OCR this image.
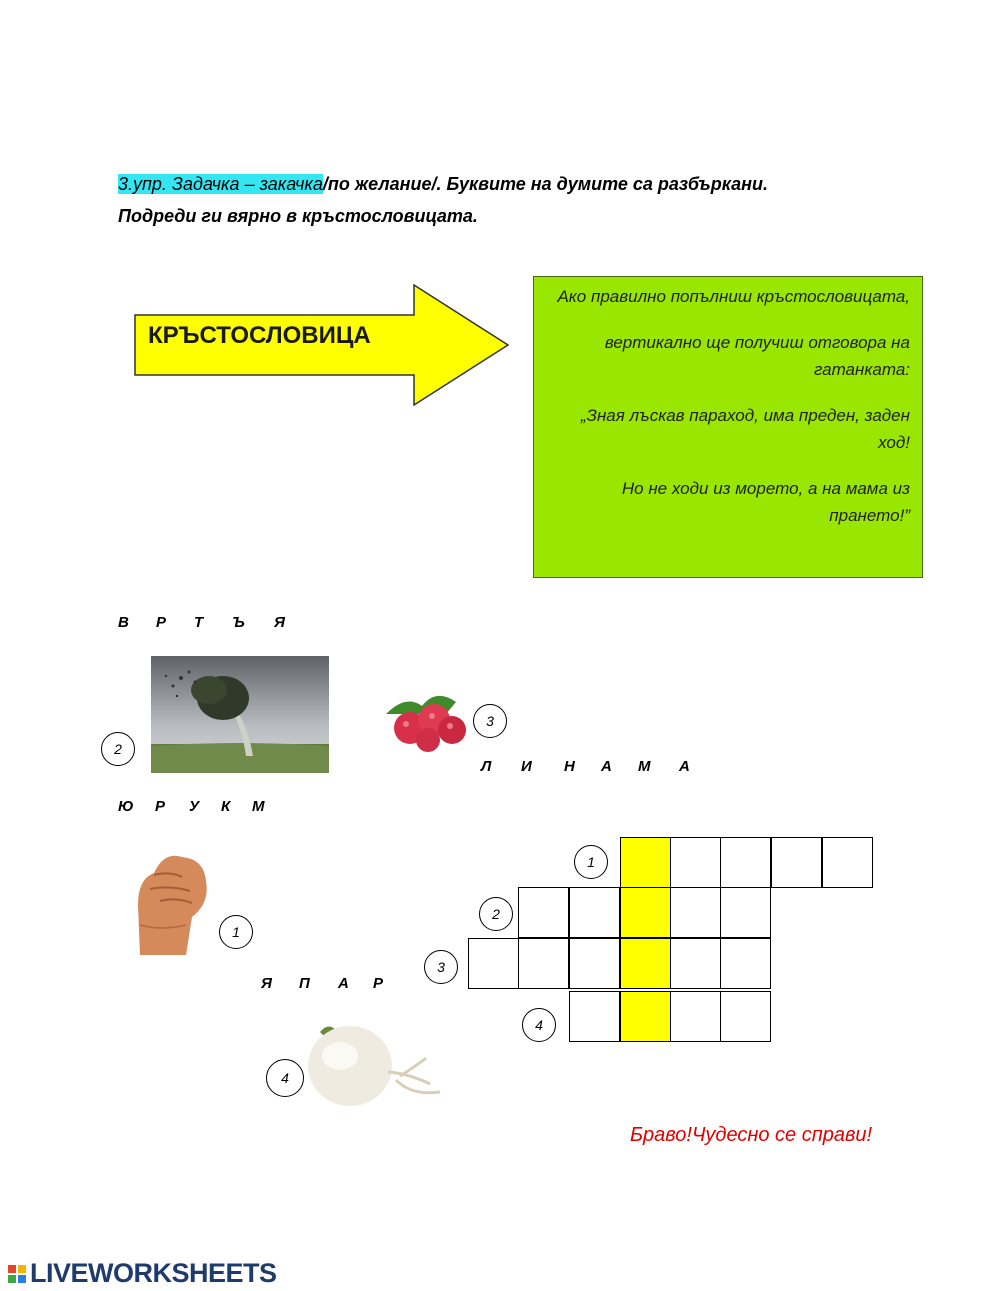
3.упр. Задачка – закачка/по желание/. Буквите на думите са разбъркани.
Подреди ги вярно в кръстословицата.
КРЪСТОСЛОВИЦА

Ако правилно попълниш кръстословицата,

вертикално ще получиш отговора на гатанката:

„Зная лъскав параход, има преден, заден ход!

Но не ходи из морето, а на мама из прането!”

В Р Т Ъ Я
2
3
Л И Н А М А
Ю Р У К М
1
Я П А Р
4
1
2
3
4
Браво!Чудесно се справи!
LIVEWORKSHEETS
